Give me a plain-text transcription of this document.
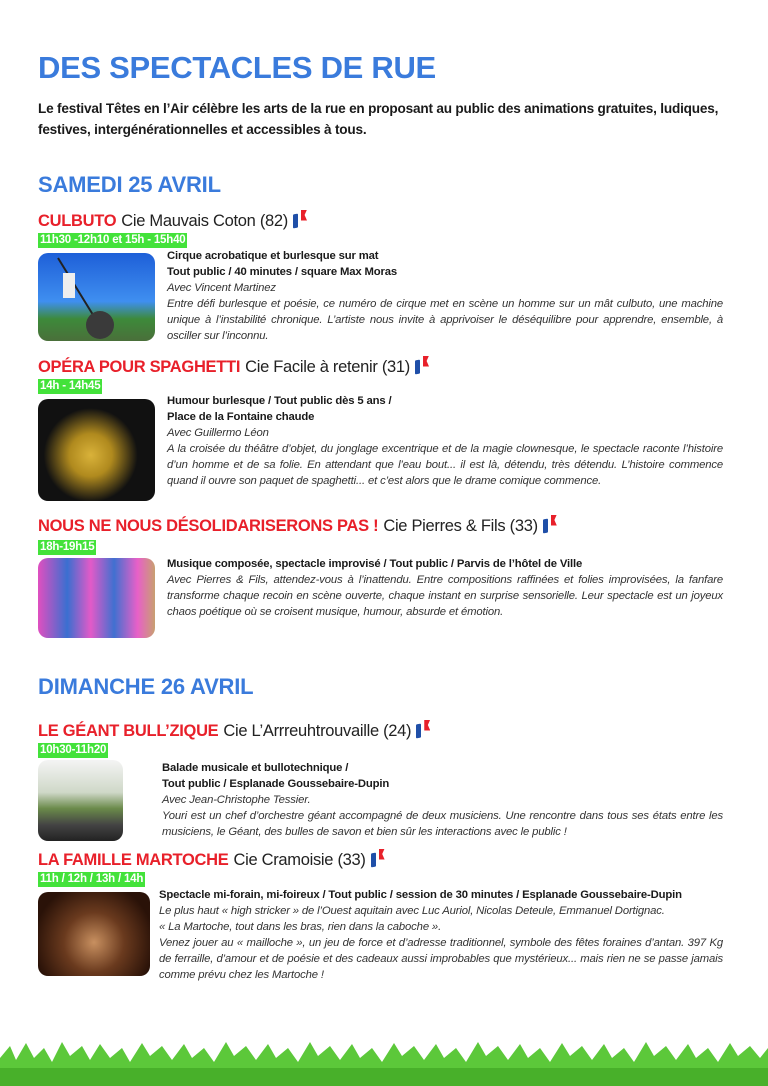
DES SPECTACLES DE RUE
Le festival Têtes en l’Air célèbre les arts de la rue en proposant au public des animations gratuites, ludiques, festives, intergénérationnelles et accessibles à tous.
SAMEDI 25 AVRIL
CULBUTO Cie Mauvais Coton (82)
11h30 -12h10 et 15h - 15h40
Cirque acrobatique et burlesque sur mat
Tout public / 40 minutes / square Max Moras
Avec Vincent Martinez
Entre défi burlesque et poésie, ce numéro de cirque met en scène un homme sur un mât culbuto, une machine unique à l’instabilité chronique. L’artiste nous invite à apprivoiser le déséquilibre pour apprendre, ensemble, à osciller sur l’inconnu.
OPÉRA POUR SPAGHETTI Cie Facile à retenir (31)
14h - 14h45
Humour burlesque / Tout public dès 5 ans /
Place de la Fontaine chaude
Avec Guillermo Léon
A la croisée du théâtre d’objet, du jonglage excentrique et de la magie clownesque, le spectacle raconte l’histoire d’un homme et de sa folie. En attendant que l’eau bout... il est là, détendu, très détendu. L’histoire commence quand il ouvre son paquet de spaghetti... et c’est alors que le drame comique commence.
NOUS NE NOUS DÉSOLIDARISERONS PAS ! Cie Pierres & Fils (33)
18h-19h15
Musique composée, spectacle improvisé / Tout public / Parvis de l’hôtel de Ville
Avec Pierres & Fils, attendez-vous à l’inattendu. Entre compositions raffinées et folies improvisées, la fanfare transforme chaque recoin en scène ouverte, chaque instant en surprise sensorielle. Leur spectacle est un joyeux chaos poétique où se croisent musique, humour, absurde et émotion.
DIMANCHE 26 AVRIL
LE GÉANT BULL’ZIQUE Cie L’Arrreuhtrouvaille (24)
10h30-11h20
Balade musicale et bullotechnique /
Tout public / Esplanade Goussebaire-Dupin
Avec Jean-Christophe Tessier.
Youri est un chef d’orchestre géant accompagné de deux musiciens. Une rencontre dans tous ses états entre les musiciens, le Géant, des bulles de savon et bien sûr les interactions avec le public !
LA FAMILLE MARTOCHE Cie Cramoisie (33)
11h / 12h / 13h / 14h
Spectacle mi-forain, mi-foireux / Tout public / session de 30 minutes / Esplanade Goussebaire-Dupin
Le plus haut « high stricker » de l’Ouest aquitain avec Luc Auriol, Nicolas Deteule, Emmanuel Dortignac.
« La Martoche, tout dans les bras, rien dans la caboche ».
Venez jouer au « mailloche », un jeu de force et d’adresse traditionnel, symbole des fêtes foraines d’antan. 397 Kg de ferraille, d’amour et de poésie et des cadeaux aussi improbables que mystérieux... mais rien ne se passe jamais comme prévu chez les Martoche !
